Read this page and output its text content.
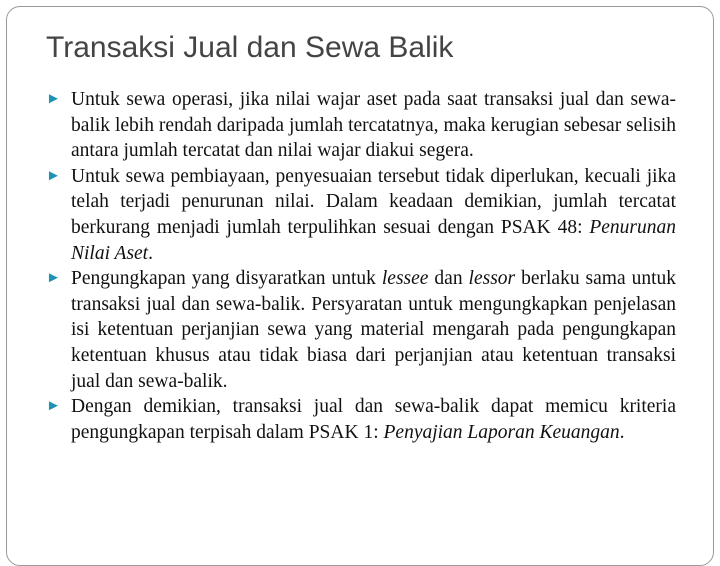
Transaksi Jual dan Sewa Balik
► Untuk sewa operasi, jika nilai wajar aset pada saat transaksi jual dan sewa-balik lebih rendah daripada jumlah tercatatnya, maka kerugian sebesar selisih antara jumlah tercatat dan nilai wajar diakui segera.
► Untuk sewa pembiayaan, penyesuaian tersebut tidak diperlukan, kecuali jika telah terjadi penurunan nilai. Dalam keadaan demikian, jumlah tercatat berkurang menjadi jumlah terpulihkan sesuai dengan PSAK 48: Penurunan Nilai Aset.
► Pengungkapan yang disyaratkan untuk lessee dan lessor berlaku sama untuk transaksi jual dan sewa-balik. Persyaratan untuk mengungkapkan penjelasan isi ketentuan perjanjian sewa yang material mengarah pada pengungkapan ketentuan khusus atau tidak biasa dari perjanjian atau ketentuan transaksi jual dan sewa-balik.
► Dengan demikian, transaksi jual dan sewa-balik dapat memicu kriteria pengungkapan terpisah dalam PSAK 1: Penyajian Laporan Keuangan.
